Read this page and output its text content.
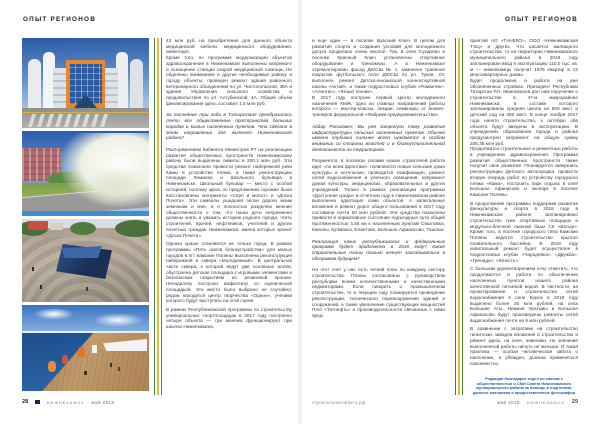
ОПЫТ РЕГИОНОВ	ОПЫТ РЕГИОНОВ

43 млн руб. на приобретение для данного объекта медицинской мебели, медицинского оборудования, инвентаря.

Кроме того, по программе модернизации объектов здравоохранения в Нижнекамске выполнены капремонт и оснащение станции скорой медицинской помощи. Не обделены вниманием и другие необходимые району и городу объекты: проведен ремонт здания районного ветеринарного объединения по ул. Чистопольской, 38А и здания Управления сельского хозяйства и продовольствия по ул. Ахтубинской, 4А. Общий объем финансирования здесь составил 1,5 млн руб.

За последние три года в Татарстане преобразились почти все общественные пространства больших городов и малых населенных пунктов. Что сделано в этом направлении для жителей Нижнекамского района?

Распоряжением Кабинета Министров РТ на реализацию развития общественных пространств Нижнекамскому району были выделены лимиты в 200,1 млн руб. Эти средства позволили провести ремонт набережной реки Камы и устройство пляжа, а также реконструкцию площади Лемаева и Школьного бульвара в Нижнекамске. Школьный бульвар — место с особой историей, поэтому здесь по предложению горожан были восстановлены монументы «Серп и молот» и «Доска Почета». Эти символы ушедшей эпохи дороги моим землякам и мне, и я полностью разделяю мнение общественности о том, что наши дети непременно должны знать и уважать историю родного города, чтить строителей, врачей, нефтяников, учителей и других почетных граждан Нижнекамска, имена которых хранит «Доска Почета».

Однако краше становится не только город. В рамках программы «Пять шагов благоустройства» для малых городов в пгт Камские Поляны выполнена реконструкция набережной и сквера «Молодежный». В центральной части сквера, к которой ведут две основные аллеи, обустроена детская площадка с игровыми элементами и безопасным покрытием из резиновой крошки. Неподалеку построен амфитеатр со сценической площадкой. Это место было выбрано не случайно: рядом находится центр творчества «Орион», ученики которого будут выступать на этой сцене.

В рамках Республиканской программы по строительству универсальных спортплощадок в 2017 году построено четыре объекта — три манежа функционируют при школах Нижнекамска,

и еще один — в поселке Красный Ключ. В целом для развития спорта и создания условий для молодежного досуга проделано очень многое. Так, в селе Сухарево и поселке Красный Ключ установлены спортивное оборудование и тренажеры. А в Нижнекамске отремонтирован фасад ДЮСШ № 1, заменено травяное покрытие футбольного поля ДЮСШ по ул. Тукая, 23, выполнен ремонт Детско-юношеской конноспортивной школы «Актай», а также подростковых клубов «Романтик», «Алентис», «Юный техник».

В 2017 году построен первый Центр молодежного назначения КМЖ, одно из главных направлений работы которого — мастер-классы, лекции, семинары от бизнес-тренеров федеральной «Фабрики предпринимательства».

Айдар Расихович, Вы уже затронули тему развития инфраструктуры сельских населенных пунктов. Обычно именно глубинка сильнее всего нуждается в особом внимании со стороны властей и в благоустроительной деятельности на территориях.

Разумеется, в поселках силами наших строителей работа идет «по всем фронтам»: появляются новые сельские дома культуры и котельные, проводится газификация, ремонт сетей водоснабжения и уличного освещения, капремонт домов культуры, медицинских, образовательных и других учреждений. Только в рамках реализации программы «Доступная среда» в отчетном году в Нижнекамском районе выполнена адаптация семи объектов. А капитальные вложения в ремонт дорог общего пользования в 2017 году составили почти 50 млн рублей. Эти средства позволили привести в нормативное состояние подъездные пути общей протяженностью 4,48 км к населенным пунктам Смыловка, Каенлы, Кулмакса, Елантово, Большое Афанасово, Ташлык.

Реализация каких республиканских и федеральных программ будет продолжена в 2018 году? Какие строительные планы только начнут закладываться в обозримом будущем?

На этот счет у нас есть четкий план по каждому сектору строительства. Планы согласованы с руководством республики всеми количественными и качественными индикаторами. Если говорить о промышленном строительстве, то в текущем году планируется проведение реконструкции, технического перевооружения зданий и сооружений, а также увеличение существующих мощностей ПАО «Татнефть» и производительности связанных с ними пред-

приятий АО «ТАНЕКО», ООО «Нижнекамская ТЭЦ» и других. Что касается жилищного строительства, то на территории Нижнекамского муниципального района в 2018 году запланирован ввод в эксплуатацию 110,0 тыс. кв. м — нижнекамцы получат 1879 квартир в 12 многоквартирных домах.

Будет продолжена и работа на уже обозначенных стройках. Президент Республики Татарстан Р.Н. Минниханов дал нам поручение о строительстве в 47-м микрорайоне Нижнекамска, в составе которого запланированы средняя школа на 800 мест и детский сад на 260 мест. В конце ноября 2017 года начато строительство, к октябрю оба объекта будут введены в эксплуатацию. В учреждениях образования города и района предусмотрен капремонт на общую сумму 205,38 млн руб.

Продолжатся строительные и ремонтные работы в учреждениях здравоохранения. Программа развития общественных пространств также получит свое развитие. Планируется завершить реконструкцию Детского автогородка, провести вторую очередь работ по устройству городского пляжа «Кама», построить парк отдыха в селе Большое Афанасово и экопарк в поселке Камские Поляны.

В продолжение программы поддержки развития физкультуры и спорта в 2018 году в Нижнекамском районе запланировано строительство трех спортивных площадок и модульно-блочной лыжной базы СК «Батыр». Кроме того, в поселке городского типа Камские Поляны ведется строительство крытого плавательного бассейна. В 2018 году капитальный ремонт будет осуществлен в подростковых клубах «Чародейка», «Дружба», «Гренада», «Юность».

С большим удовлетворением хочу отметить, что продолжается и работа по обеспечению населенных пунктов нашего района качественной питьевой водой. В частности, на проектирование и строительство сетей водоснабжения в селе Борок в 2018 году выделено более 25 млн рублей, на села Большие Аты, Нижние Уратьмы и Большое Афанасово будут произведены ремонты сетей водоснабжения почти на 9 млн рублей.

В сравнении с затратами на строительство гигантских заводов вложения в строительство и ремонт здесь, на селе, невелики. Но значение выполненной работы ничуть не меньше. И такая практика — особая человеческая забота о населении, я убежден, должна применяться повсеместно.

Редакция благодарит отдел по связям с общественностью и СМИ Совета Нижнекамского муниципального района за помощь в подготовке данного материала и предоставленные фотографии
28	НИЖНЕКАМСК май 2018	строительнаяорбита.рф	май 2018 НИЖНЕКАМСК 29
